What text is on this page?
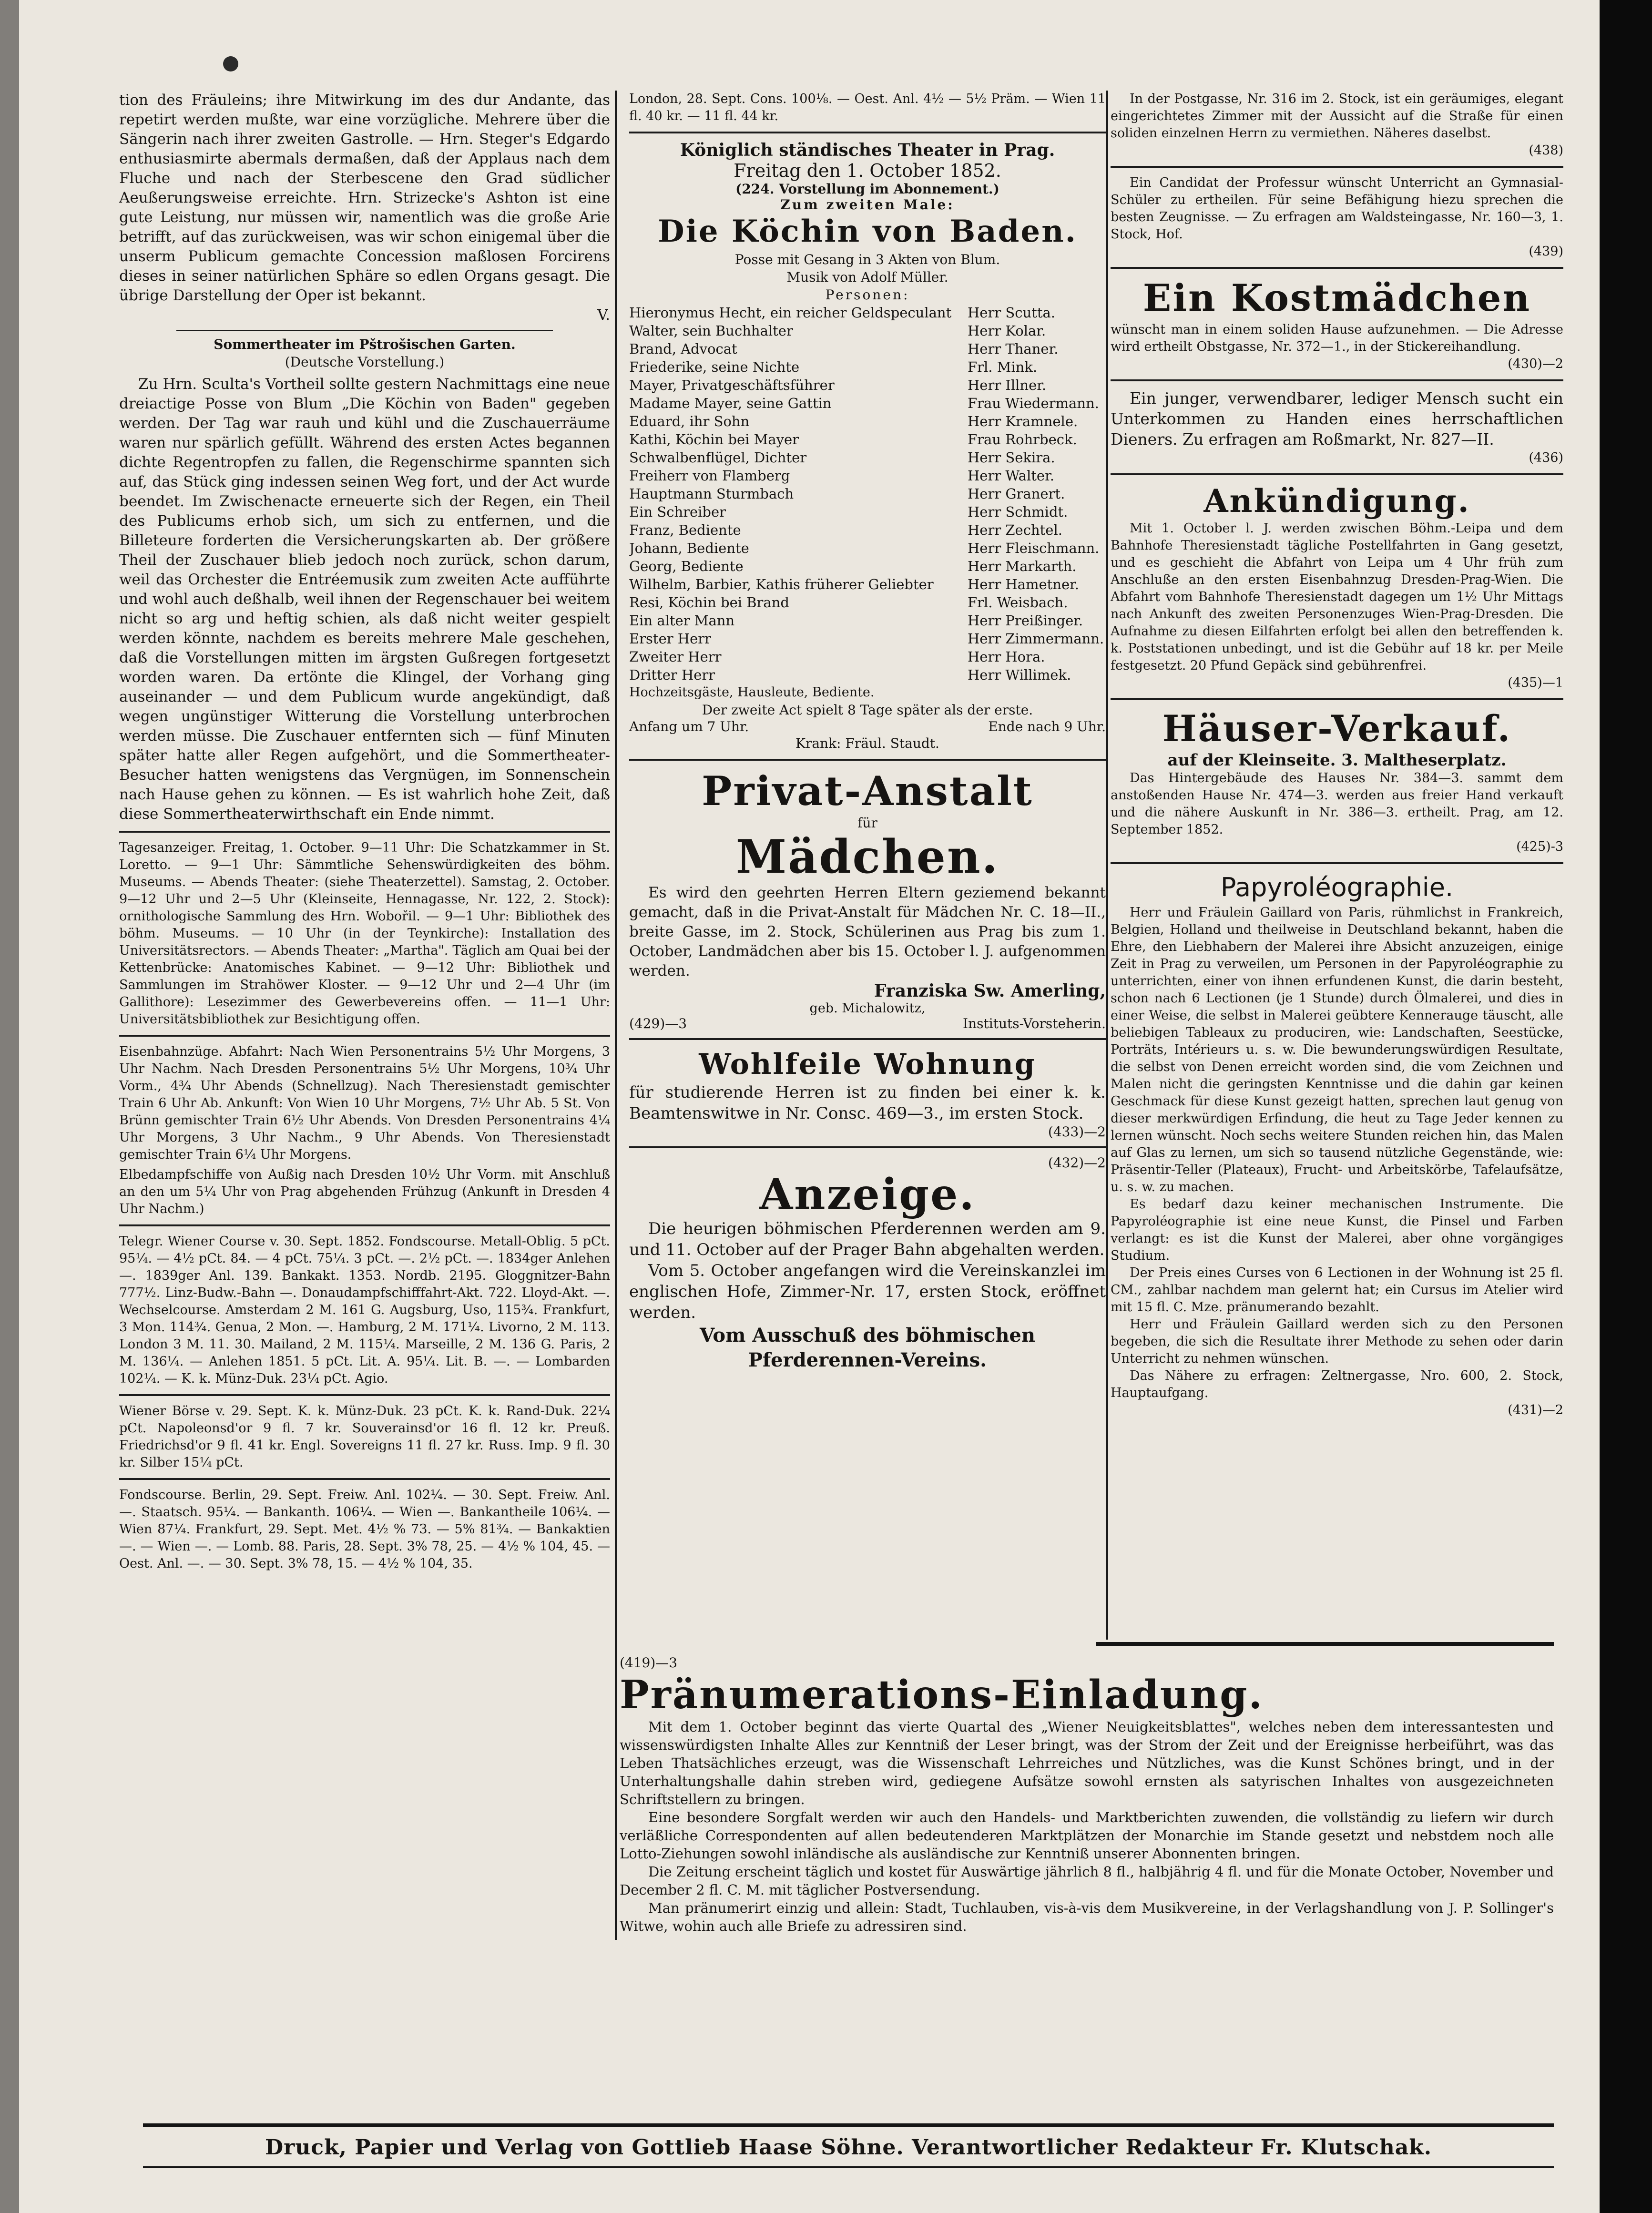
tion des Fräuleins; ihre Mitwirkung im des dur Andante, das repetirt werden mußte, war eine vorzügliche. Mehrere über die Sängerin nach ihrer zweiten Gastrolle. — Hrn. Steger's Edgardo enthusiasmirte abermals dermaßen, daß der Applaus nach dem Fluche und nach der Sterbescene den Grad südlicher Aeußerungsweise erreichte. Hrn. Strizecke's Ashton ist eine gute Leistung, nur müssen wir, namentlich was die große Arie betrifft, auf das zurückweisen, was wir schon einigemal über die unserm Publicum gemachte Concession maßlosen Forcirens dieses in seiner natürlichen Sphäre so edlen Organs gesagt. Die übrige Darstellung der Oper ist bekannt.

V.

Sommertheater im Pštrošischen Garten.

(Deutsche Vorstellung.)

Zu Hrn. Sculta's Vortheil sollte gestern Nachmittags eine neue dreiactige Posse von Blum „Die Köchin von Baden" gegeben werden. Der Tag war rauh und kühl und die Zuschauerräume waren nur spärlich gefüllt. Während des ersten Actes begannen dichte Regentropfen zu fallen, die Regenschirme spannten sich auf, das Stück ging indessen seinen Weg fort, und der Act wurde beendet. Im Zwischenacte erneuerte sich der Regen, ein Theil des Publicums erhob sich, um sich zu entfernen, und die Billeteure forderten die Versicherungskarten ab. Der größere Theil der Zuschauer blieb jedoch noch zurück, schon darum, weil das Orchester die Entréemusik zum zweiten Acte aufführte und wohl auch deßhalb, weil ihnen der Regenschauer bei weitem nicht so arg und heftig schien, als daß nicht weiter gespielt werden könnte, nachdem es bereits mehrere Male geschehen, daß die Vorstellungen mitten im ärgsten Gußregen fortgesetzt worden waren. Da ertönte die Klingel, der Vorhang ging auseinander — und dem Publicum wurde angekündigt, daß wegen ungünstiger Witterung die Vorstellung unterbrochen werden müsse. Die Zuschauer entfernten sich — fünf Minuten später hatte aller Regen aufgehört, und die Sommertheater-Besucher hatten wenigstens das Vergnügen, im Sonnenschein nach Hause gehen zu können. — Es ist wahrlich hohe Zeit, daß diese Sommertheaterwirthschaft ein Ende nimmt.

Tagesanzeiger. Freitag, 1. October. 9—11 Uhr: Die Schatzkammer in St. Loretto. — 9—1 Uhr: Sämmtliche Sehenswürdigkeiten des böhm. Museums. — Abends Theater: (siehe Theaterzettel). Samstag, 2. October. 9—12 Uhr und 2—5 Uhr (Kleinseite, Hennagasse, Nr. 122, 2. Stock): ornithologische Sammlung des Hrn. Wobořil. — 9—1 Uhr: Bibliothek des böhm. Museums. — 10 Uhr (in der Teynkirche): Installation des Universitätsrectors. — Abends Theater: „Martha". Täglich am Quai bei der Kettenbrücke: Anatomisches Kabinet. — 9—12 Uhr: Bibliothek und Sammlungen im Strahöwer Kloster. — 9—12 Uhr und 2—4 Uhr (im Gallithore): Lesezimmer des Gewerbevereins offen. — 11—1 Uhr: Universitätsbibliothek zur Besichtigung offen.

Eisenbahnzüge. Abfahrt: Nach Wien Personentrains 5½ Uhr Morgens, 3 Uhr Nachm. Nach Dresden Personentrains 5½ Uhr Morgens, 10¾ Uhr Vorm., 4¾ Uhr Abends (Schnellzug). Nach Theresienstadt gemischter Train 6 Uhr Ab. Ankunft: Von Wien 10 Uhr Morgens, 7½ Uhr Ab. 5 St. Von Brünn gemischter Train 6½ Uhr Abends. Von Dresden Personentrains 4¼ Uhr Morgens, 3 Uhr Nachm., 9 Uhr Abends. Von Theresienstadt gemischter Train 6¼ Uhr Morgens.

Elbedampfschiffe von Außig nach Dresden 10½ Uhr Vorm. mit Anschluß an den um 5¼ Uhr von Prag abgehenden Frühzug (Ankunft in Dresden 4 Uhr Nachm.)

Telegr. Wiener Course v. 30. Sept. 1852. Fondscourse. Metall-Oblig. 5 pCt. 95¼. — 4½ pCt. 84. — 4 pCt. 75¼. 3 pCt. —. 2½ pCt. —. 1834ger Anlehen —. 1839ger Anl. 139. Bankakt. 1353. Nordb. 2195. Gloggnitzer-Bahn 777½. Linz-Budw.-Bahn —. Donaudampfschifffahrt-Akt. 722. Lloyd-Akt. —. Wechselcourse. Amsterdam 2 M. 161 G. Augsburg, Uso, 115¾. Frankfurt, 3 Mon. 114¾. Genua, 2 Mon. —. Hamburg, 2 M. 171¼. Livorno, 2 M. 113. London 3 M. 11. 30. Mailand, 2 M. 115¼. Marseille, 2 M. 136 G. Paris, 2 M. 136¼. — Anlehen 1851. 5 pCt. Lit. A. 95¼. Lit. B. —. — Lombarden 102¼. — K. k. Münz-Duk. 23¼ pCt. Agio.

Wiener Börse v. 29. Sept. K. k. Münz-Duk. 23 pCt. K. k. Rand-Duk. 22¼ pCt. Napoleonsd'or 9 fl. 7 kr. Souverainsd'or 16 fl. 12 kr. Preuß. Friedrichsd'or 9 fl. 41 kr. Engl. Sovereigns 11 fl. 27 kr. Russ. Imp. 9 fl. 30 kr. Silber 15¼ pCt.

Fondscourse. Berlin, 29. Sept. Freiw. Anl. 102¼. — 30. Sept. Freiw. Anl. —. Staatsch. 95¼. — Bankanth. 106¼. — Wien —. Bankantheile 106¼. — Wien 87¼. Frankfurt, 29. Sept. Met. 4½ % 73. — 5% 81¾. — Bankaktien —. — Wien —. — Lomb. 88. Paris, 28. Sept. 3% 78, 25. — 4½ % 104, 45. — Oest. Anl. —. — 30. Sept. 3% 78, 15. — 4½ % 104, 35.

London, 28. Sept. Cons. 100⅛. — Oest. Anl. 4½ — 5½ Präm. — Wien 11 fl. 40 kr. — 11 fl. 44 kr.

Königlich ständisches Theater in Prag.

Freitag den 1. October 1852.

(224. Vorstellung im Abonnement.)

Zum zweiten Male:

Die Köchin von Baden.

Posse mit Gesang in 3 Akten von Blum.

Musik von Adolf Müller.

Personen:

Hieronymus Hecht, ein reicher Geldspeculant Herr Scutta.
Walter, sein Buchhalter	Herr Kolar.
Brand, Advocat	Herr Thaner.
Friederike, seine Nichte	Frl. Mink.
Mayer, Privatgeschäftsführer	Herr Illner.
Madame Mayer, seine Gattin	Frau Wiedermann.
Eduard, ihr Sohn	Herr Kramnele.
Kathi, Köchin bei Mayer	Frau Rohrbeck.
Schwalbenflügel, Dichter	Herr Sekira.
Freiherr von Flamberg	Herr Walter.
Hauptmann Sturmbach	Herr Granert.
Ein Schreiber	Herr Schmidt.
Franz, Bediente	Herr Zechtel.
Johann, Bediente	Herr Fleischmann.
Georg, Bediente	Herr Markarth.
Wilhelm, Barbier, Kathis früherer Geliebter Herr Hametner.
Resi, Köchin bei Brand	Frl. Weisbach.
Ein alter Mann	Herr Preißinger.
Erster Herr	Herr Zimmermann.
Zweiter Herr	Herr Hora.
Dritter Herr	Herr Willimek.

Hochzeitsgäste, Hausleute, Bediente.

Der zweite Act spielt 8 Tage später als der erste.

Anfang um 7 Uhr.	Ende nach 9 Uhr.

Krank: Fräul. Staudt.

Privat-Anstalt

für

Mädchen.

Es wird den geehrten Herren Eltern geziemend bekannt gemacht, daß in die Privat-Anstalt für Mädchen Nr. C. 18—II., breite Gasse, im 2. Stock, Schülerinen aus Prag bis zum 1. October, Landmädchen aber bis 15. October l. J. aufgenommen werden.

Franziska Sw. Amerling,

geb. Michalowitz,

(429)—3	Instituts-Vorsteherin.

Wohlfeile Wohnung

für studierende Herren ist zu finden bei einer k. k. Beamtenswitwe in Nr. Consc. 469—3., im ersten Stock.

(433)—2

(432)—2

Anzeige.

Die heurigen böhmischen Pferderennen werden am 9. und 11. October auf der Prager Bahn abgehalten werden.

Vom 5. October angefangen wird die Vereinskanzlei im englischen Hofe, Zimmer-Nr. 17, ersten Stock, eröffnet werden.

Vom Ausschuß des böhmischen Pferderennen-Vereins.

In der Postgasse, Nr. 316 im 2. Stock, ist ein geräumiges, elegant eingerichtetes Zimmer mit der Aussicht auf die Straße für einen soliden einzelnen Herrn zu vermiethen. Näheres daselbst.

(438)

Ein Candidat der Professur wünscht Unterricht an Gymnasial-Schüler zu ertheilen. Für seine Befähigung hiezu sprechen die besten Zeugnisse. — Zu erfragen am Waldsteingasse, Nr. 160—3, 1. Stock, Hof.

(439)

Ein Kostmädchen

wünscht man in einem soliden Hause aufzunehmen. — Die Adresse wird ertheilt Obstgasse, Nr. 372—1., in der Stickereihandlung.

(430)—2

Ein junger, verwendbarer, lediger Mensch sucht ein Unterkommen zu Handen eines herrschaftlichen Dieners. Zu erfragen am Roßmarkt, Nr. 827—II.

(436)

Ankündigung.

Mit 1. October l. J. werden zwischen Böhm.-Leipa und dem Bahnhofe Theresienstadt tägliche Postellfahrten in Gang gesetzt, und es geschieht die Abfahrt von Leipa um 4 Uhr früh zum Anschluße an den ersten Eisenbahnzug Dresden-Prag-Wien. Die Abfahrt vom Bahnhofe Theresienstadt dagegen um 1½ Uhr Mittags nach Ankunft des zweiten Personenzuges Wien-Prag-Dresden. Die Aufnahme zu diesen Eilfahrten erfolgt bei allen den betreffenden k. k. Poststationen unbedingt, und ist die Gebühr auf 18 kr. per Meile festgesetzt. 20 Pfund Gepäck sind gebührenfrei.

(435)—1

Häuser-Verkauf.

auf der Kleinseite. 3. Maltheserplatz.

Das Hintergebäude des Hauses Nr. 384—3. sammt dem anstoßenden Hause Nr. 474—3. werden aus freier Hand verkauft und die nähere Auskunft in Nr. 386—3. ertheilt. Prag, am 12. September 1852.

(425)-3

Papyroléographie.

Herr und Fräulein Gaillard von Paris, rühmlichst in Frankreich, Belgien, Holland und theilweise in Deutschland bekannt, haben die Ehre, den Liebhabern der Malerei ihre Absicht anzuzeigen, einige Zeit in Prag zu verweilen, um Personen in der Papyroléographie zu unterrichten, einer von ihnen erfundenen Kunst, die darin besteht, schon nach 6 Lectionen (je 1 Stunde) durch Ölmalerei, und dies in einer Weise, die selbst in Malerei geübtere Kennerauge täuscht, alle beliebigen Tableaux zu produciren, wie: Landschaften, Seestücke, Porträts, Intérieurs u. s. w. Die bewunderungswürdigen Resultate, die selbst von Denen erreicht worden sind, die vom Zeichnen und Malen nicht die geringsten Kenntnisse und die dahin gar keinen Geschmack für diese Kunst gezeigt hatten, sprechen laut genug von dieser merkwürdigen Erfindung, die heut zu Tage Jeder kennen zu lernen wünscht. Noch sechs weitere Stunden reichen hin, das Malen auf Glas zu lernen, um sich so tausend nützliche Gegenstände, wie: Präsentir-Teller (Plateaux), Frucht- und Arbeitskörbe, Tafelaufsätze, u. s. w. zu machen.

Es bedarf dazu keiner mechanischen Instrumente. Die Papyroléographie ist eine neue Kunst, die Pinsel und Farben verlangt: es ist die Kunst der Malerei, aber ohne vorgängiges Studium.

Der Preis eines Curses von 6 Lectionen in der Wohnung ist 25 fl. CM., zahlbar nachdem man gelernt hat; ein Cursus im Atelier wird mit 15 fl. C. Mze. pränumerando bezahlt.

Herr und Fräulein Gaillard werden sich zu den Personen begeben, die sich die Resultate ihrer Methode zu sehen oder darin Unterricht zu nehmen wünschen.

Das Nähere zu erfragen: Zeltnergasse, Nro. 600, 2. Stock, Hauptaufgang.

(431)—2

(419)—3

Pränumerations-Einladung.

Mit dem 1. October beginnt das vierte Quartal des „Wiener Neuigkeitsblattes", welches neben dem interessantesten und wissenswürdigsten Inhalte Alles zur Kenntniß der Leser bringt, was der Strom der Zeit und der Ereignisse herbeiführt, was das Leben Thatsächliches erzeugt, was die Wissenschaft Lehrreiches und Nützliches, was die Kunst Schönes bringt, und in der Unterhaltungshalle dahin streben wird, gediegene Aufsätze sowohl ernsten als satyrischen Inhaltes von ausgezeichneten Schriftstellern zu bringen.

Eine besondere Sorgfalt werden wir auch den Handels- und Marktberichten zuwenden, die vollständig zu liefern wir durch verläßliche Correspondenten auf allen bedeutenderen Marktplätzen der Monarchie im Stande gesetzt und nebstdem noch alle Lotto-Ziehungen sowohl inländische als ausländische zur Kenntniß unserer Abonnenten bringen.

Die Zeitung erscheint täglich und kostet für Auswärtige jährlich 8 fl., halbjährig 4 fl. und für die Monate October, November und December 2 fl. C. M. mit täglicher Postversendung.

Man pränumerirt einzig und allein: Stadt, Tuchlauben, vis-à-vis dem Musikvereine, in der Verlagshandlung von J. P. Sollinger's Witwe, wohin auch alle Briefe zu adressiren sind.

Druck, Papier und Verlag von Gottlieb Haase Söhne. Verantwortlicher Redakteur Fr. Klutschak.
